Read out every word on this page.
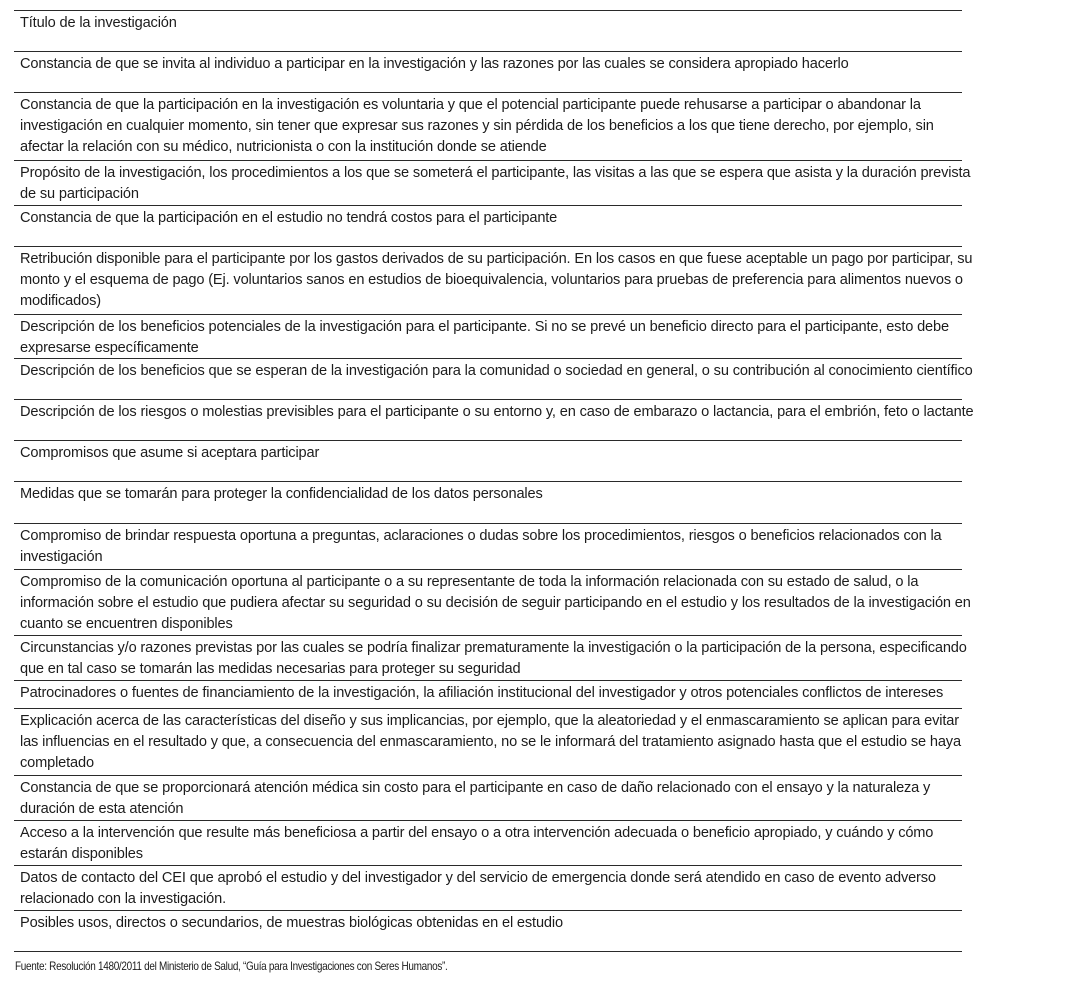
Título de la investigación
Constancia de que se invita al individuo a participar en la investigación y las razones por las cuales se considera apropiado hacerlo
Constancia de que la participación en la investigación es voluntaria y que el potencial participante puede rehusarse a participar o abandonar la
investigación en cualquier momento, sin tener que expresar sus razones y sin pérdida de los beneficios a los que tiene derecho, por ejemplo, sin
afectar la relación con su médico, nutricionista o con la institución donde se atiende
Propósito de la investigación, los procedimientos a los que se someterá el participante, las visitas a las que se espera que asista y la duración prevista
de su participación
Constancia de que la participación en el estudio no tendrá costos para el participante
Retribución disponible para el participante por los gastos derivados de su participación. En los casos en que fuese aceptable un pago por participar, su
monto y el esquema de pago (Ej. voluntarios sanos en estudios de bioequivalencia, voluntarios para pruebas de preferencia para alimentos nuevos o
modificados)
Descripción de los beneficios potenciales de la investigación para el participante. Si no se prevé un beneficio directo para el participante, esto debe
expresarse específicamente
Descripción de los beneficios que se esperan de la investigación para la comunidad o sociedad en general, o su contribución al conocimiento científico
Descripción de los riesgos o molestias previsibles para el participante o su entorno y, en caso de embarazo o lactancia, para el embrión, feto o lactante
Compromisos que asume si aceptara participar
Medidas que se tomarán para proteger la confidencialidad de los datos personales
Compromiso de brindar respuesta oportuna a preguntas, aclaraciones o dudas sobre los procedimientos, riesgos o beneficios relacionados con la
investigación
Compromiso de la comunicación oportuna al participante o a su representante de toda la información relacionada con su estado de salud, o la
información sobre el estudio que pudiera afectar su seguridad o su decisión de seguir participando en el estudio y los resultados de la investigación en
cuanto se encuentren disponibles
Circunstancias y/o razones previstas por las cuales se podría finalizar prematuramente la investigación o la participación de la persona, especificando
que en tal caso se tomarán las medidas necesarias para proteger su seguridad
Patrocinadores o fuentes de financiamiento de la investigación, la afiliación institucional del investigador y otros potenciales conflictos de intereses
Explicación acerca de las características del diseño y sus implicancias, por ejemplo, que la aleatoriedad y el enmascaramiento se aplican para evitar
las influencias en el resultado y que, a consecuencia del enmascaramiento, no se le informará del tratamiento asignado hasta que el estudio se haya
completado
Constancia de que se proporcionará atención médica sin costo para el participante en caso de daño relacionado con el ensayo y la naturaleza y
duración de esta atención
Acceso a la intervención que resulte más beneficiosa a partir del ensayo o a otra intervención adecuada o beneficio apropiado, y cuándo y cómo
estarán disponibles
Datos de contacto del CEI que aprobó el estudio y del investigador y del servicio de emergencia donde será atendido en caso de evento adverso
relacionado con la investigación.
Posibles usos, directos o secundarios, de muestras biológicas obtenidas en el estudio
Fuente: Resolución 1480/2011 del Ministerio de Salud, “Guía para Investigaciones con Seres Humanos”.
